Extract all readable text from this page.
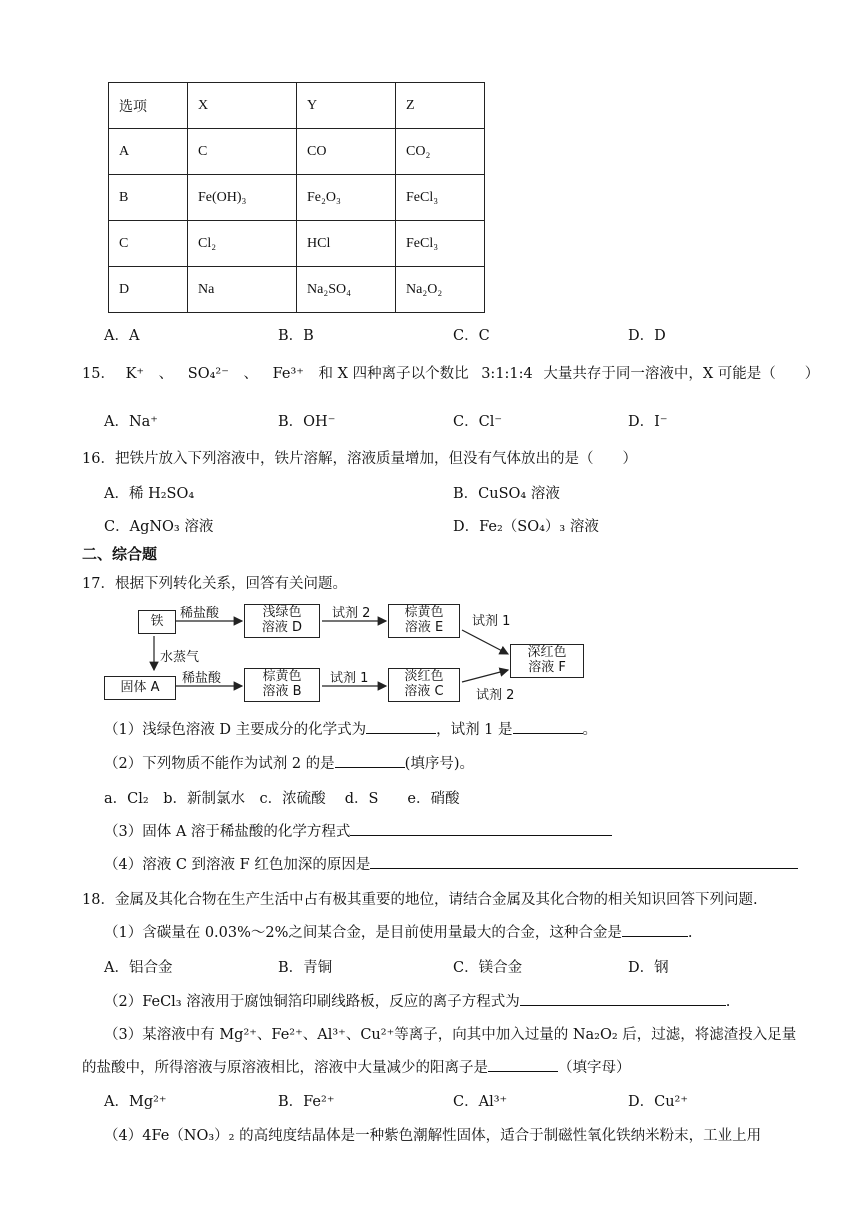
选项	X	Y	Z
A	C	CO	CO₂
B	Fe(OH)₃	Fe₂O₃	FeCl₃
C	Cl₂	HCl	FeCl₃
D	Na	Na₂SO₄	Na₂O₂
A．A	B．B	C．C	D．D
15． K⁺ 、 SO₄²⁻ 、 Fe³⁺ 和 X 四种离子以个数比 3:1:1:4 大量共存于同一溶液中，X 可能是（　　）
A．Na⁺	B．OH⁻	C．Cl⁻	D．I⁻
16．把铁片放入下列溶液中，铁片溶解，溶液质量增加，但没有气体放出的是（　　）
A．稀 H₂SO₄	B．CuSO₄ 溶液
C．AgNO₃ 溶液	D．Fe₂（SO₄）₃ 溶液
二、综合题
17．根据下列转化关系，回答有关问题。
铁
浅绿色
溶液 D
棕黄色
溶液 E
深红色
溶液 F
固体 A
棕黄色
溶液 B
淡红色
溶液 C
稀盐酸	试剂 2
试剂 1
水蒸气
稀盐酸	试剂 1
试剂 2
（1）浅绿色溶液 D 主要成分的化学式为	，试剂 1 是	。
（2）下列物质不能作为试剂 2 的是	(填序号)。
a．Cl₂　b．新制氯水　c．浓硫酸　 d．S　　e．硝酸
（3）固体 A 溶于稀盐酸的化学方程式
（4）溶液 C 到溶液 F 红色加深的原因是
18．金属及其化合物在生产生活中占有极其重要的地位，请结合金属及其化合物的相关知识回答下列问题.
（1）含碳量在 0.03%～2%之间某合金，是目前使用量最大的合金，这种合金是	.
A．铝合金	B．青铜	C．镁合金	D．钢
（2）FeCl₃ 溶液用于腐蚀铜箔印刷线路板，反应的离子方程式为	.
（3）某溶液中有 Mg²⁺、Fe²⁺、Al³⁺、Cu²⁺等离子，向其中加入过量的 Na₂O₂ 后，过滤，将滤渣投入足量
的盐酸中，所得溶液与原溶液相比，溶液中大量减少的阳离子是	（填字母）
A．Mg²⁺	B．Fe²⁺	C．Al³⁺	D．Cu²⁺
（4）4Fe（NO₃）₂ 的高纯度结晶体是一种紫色潮解性固体，适合于制磁性氧化铁纳米粉末，工业上用
